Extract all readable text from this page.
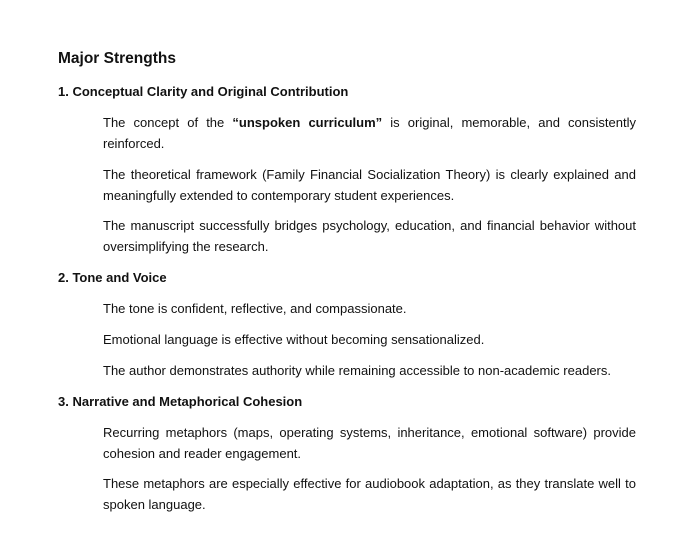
Major Strengths
1. Conceptual Clarity and Original Contribution

The concept of the “unspoken curriculum” is original, memorable, and consistently reinforced.

The theoretical framework (Family Financial Socialization Theory) is clearly explained and meaningfully extended to contemporary student experiences.

The manuscript successfully bridges psychology, education, and financial behavior without oversimplifying the research.

2. Tone and Voice

The tone is confident, reflective, and compassionate.

Emotional language is effective without becoming sensationalized.

The author demonstrates authority while remaining accessible to non-academic readers.

3. Narrative and Metaphorical Cohesion

Recurring metaphors (maps, operating systems, inheritance, emotional software) provide cohesion and reader engagement.

These metaphors are especially effective for audiobook adaptation, as they translate well to spoken language.
